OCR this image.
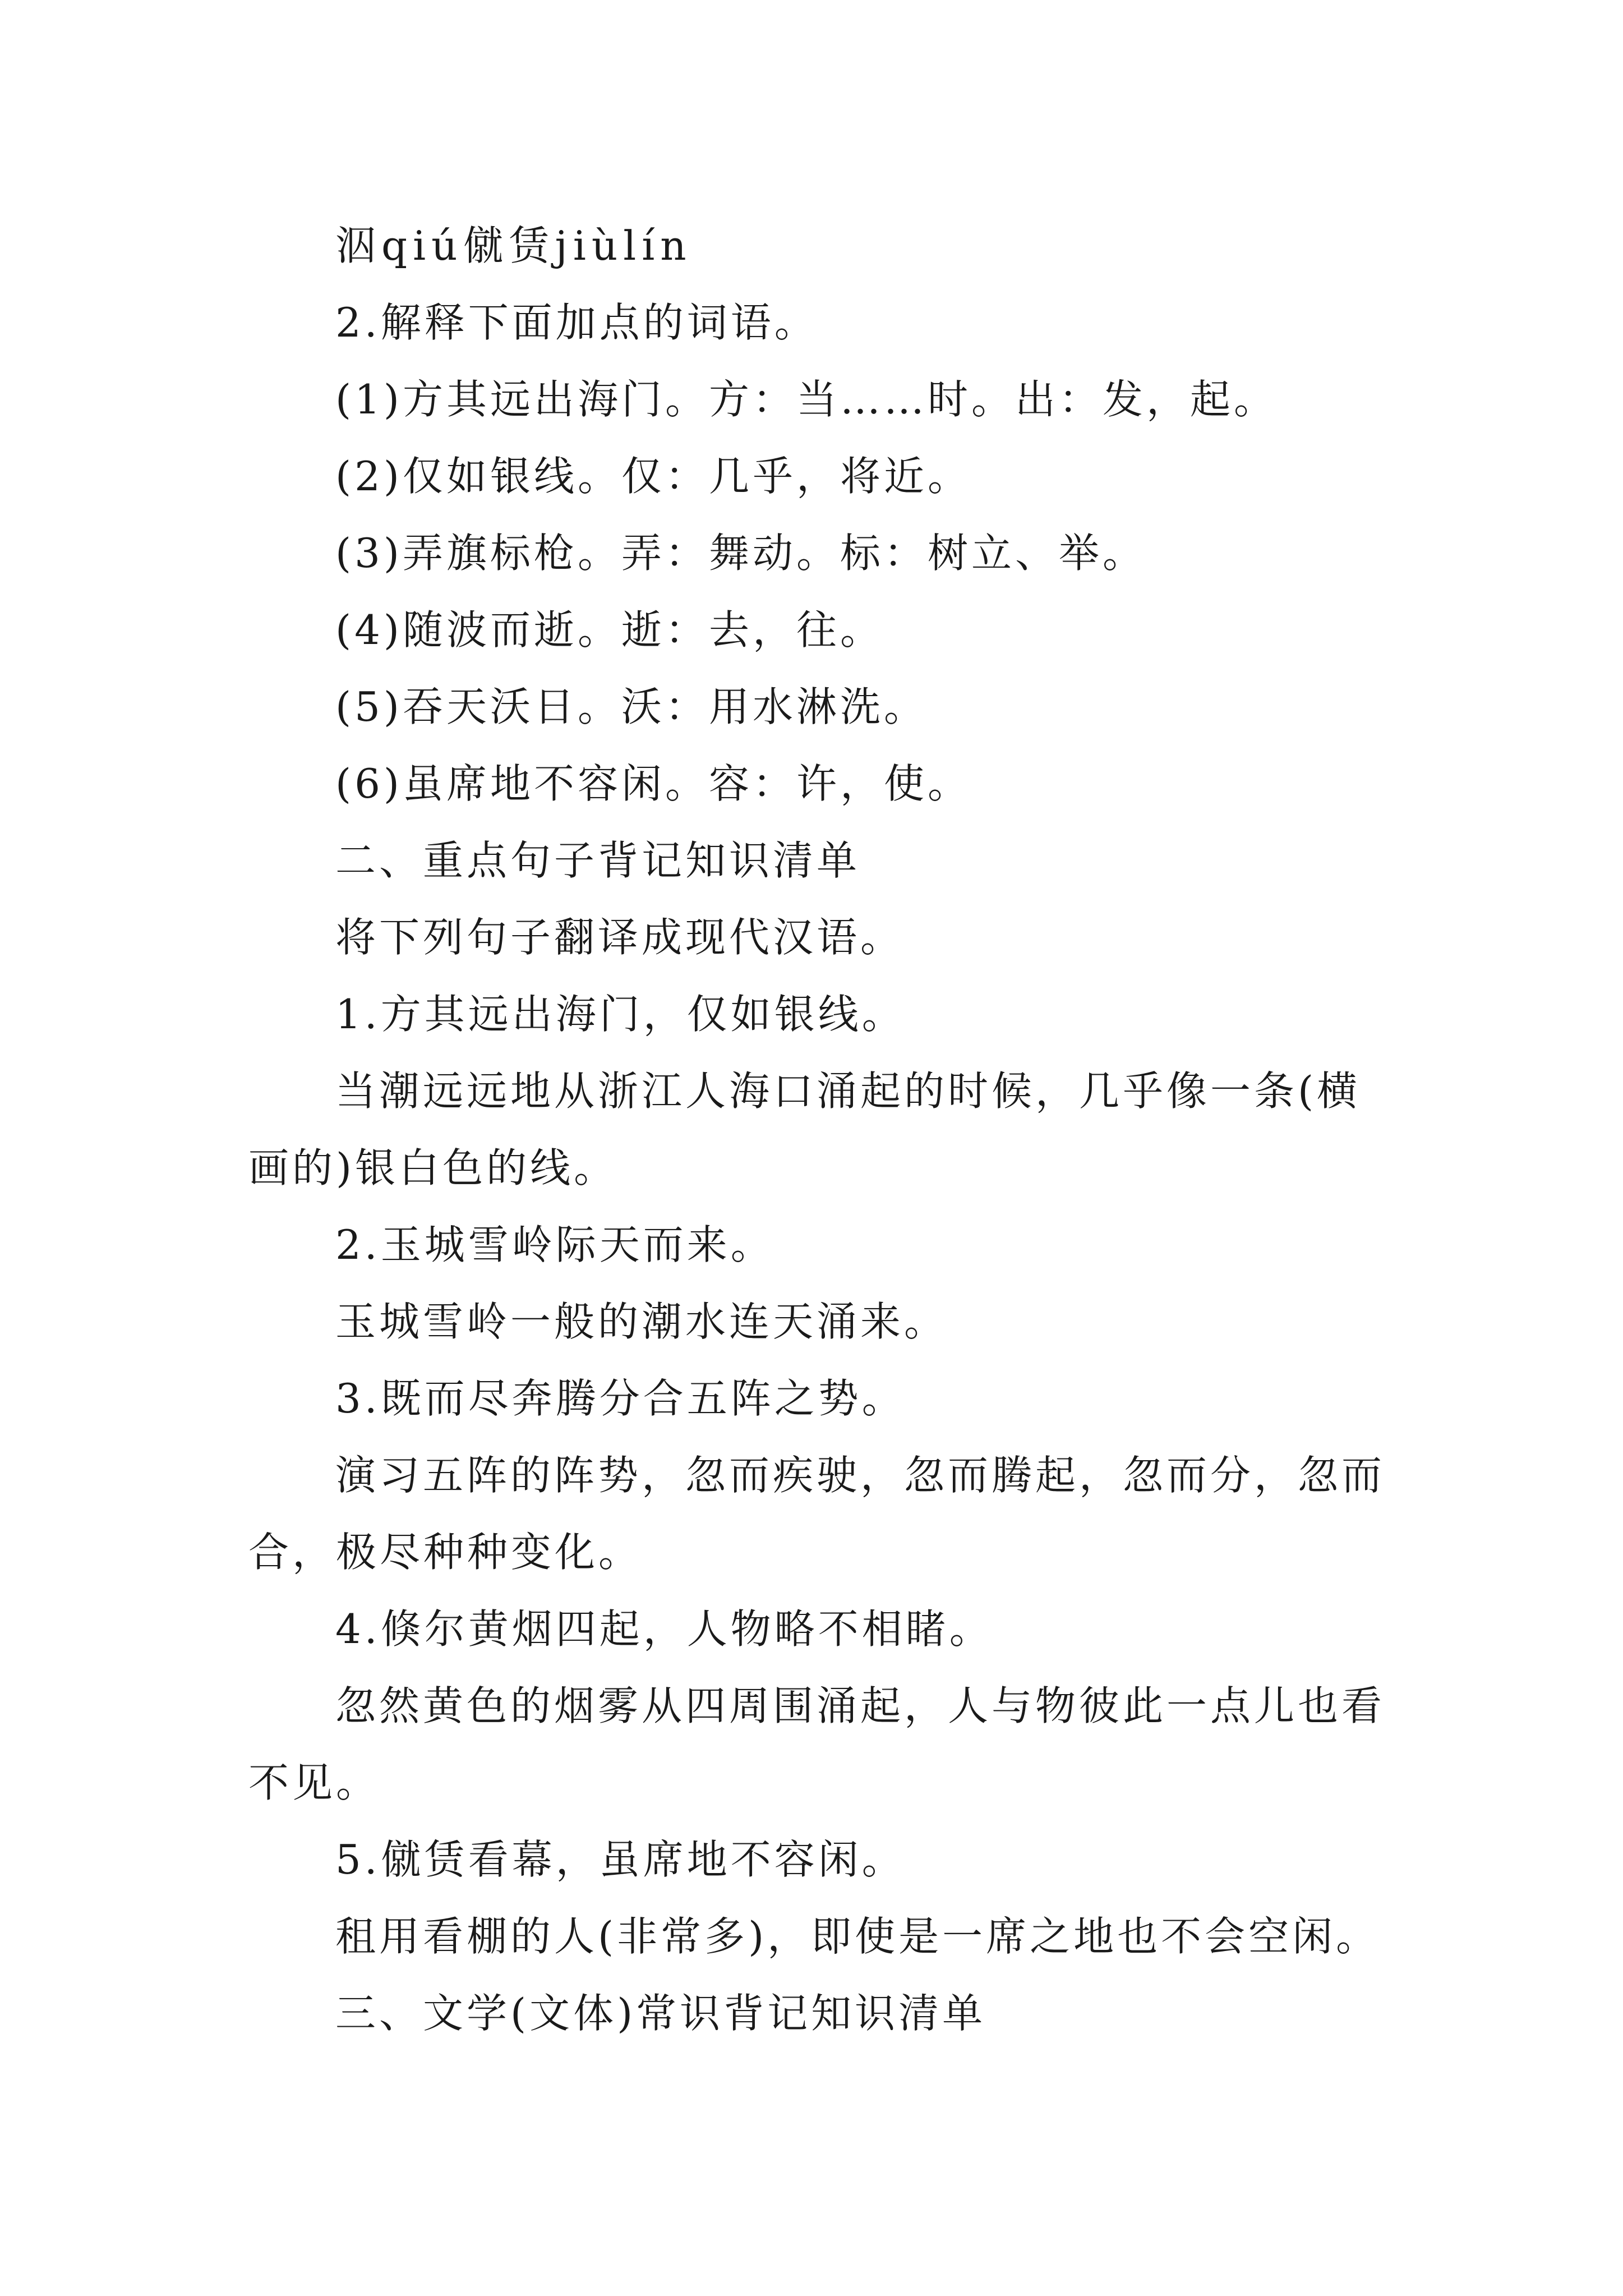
泅qiú僦赁jiùlín

2.解释下面加点的词语。

(1)方其远出海门。方：当……时。出：发，起。

(2)仅如银线。仅：几乎，将近。

(3)弄旗标枪。弄：舞动。标：树立、举。

(4)随波而逝。逝：去，往。

(5)吞天沃日。沃：用水淋洗。

(6)虽席地不容闲。容：许，使。

二、重点句子背记知识清单

将下列句子翻译成现代汉语。

1.方其远出海门，仅如银线。

当潮远远地从浙江人海口涌起的时候，几乎像一条(横画的)银白色的线。

2.玉城雪岭际天而来。

玉城雪岭一般的潮水连天涌来。

3.既而尽奔腾分合五阵之势。

演习五阵的阵势，忽而疾驶，忽而腾起，忽而分，忽而合，极尽种种变化。

4.倏尔黄烟四起，人物略不相睹。

忽然黄色的烟雾从四周围涌起，人与物彼此一点儿也看不见。

5.僦赁看幕，虽席地不容闲。

租用看棚的人(非常多)，即使是一席之地也不会空闲。

三、文学(文体)常识背记知识清单
